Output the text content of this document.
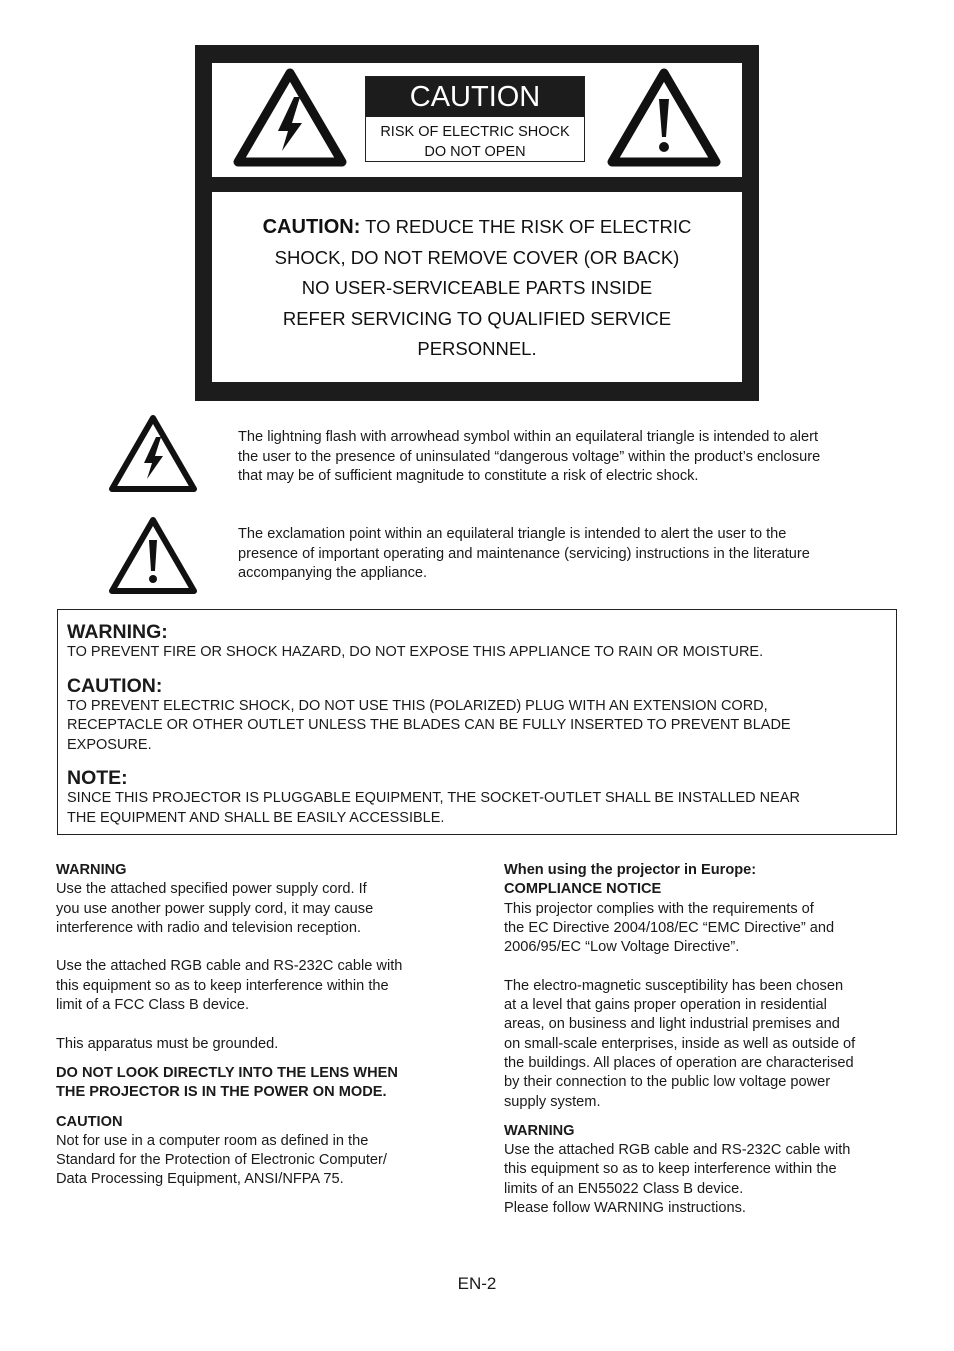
CAUTION
RISK OF ELECTRIC SHOCK
DO NOT OPEN
CAUTION: TO REDUCE THE RISK OF ELECTRIC
SHOCK, DO NOT REMOVE COVER (OR BACK)
NO USER-SERVICEABLE PARTS INSIDE
REFER SERVICING TO QUALIFIED SERVICE
PERSONNEL.
The lightning flash with arrowhead symbol within an equilateral triangle is intended to alert
the user to the presence of uninsulated “dangerous voltage” within the product’s enclosure
that may be of sufficient magnitude to constitute a risk of electric shock.
The exclamation point within an equilateral triangle is intended to alert the user to the
presence of important operating and maintenance (servicing) instructions in the literature
accompanying the appliance.
WARNING:
TO PREVENT FIRE OR SHOCK HAZARD, DO NOT EXPOSE THIS APPLIANCE TO RAIN OR MOISTURE.
CAUTION:
TO PREVENT ELECTRIC SHOCK, DO NOT USE THIS (POLARIZED) PLUG WITH AN EXTENSION CORD,
RECEPTACLE OR OTHER OUTLET UNLESS THE BLADES CAN BE FULLY INSERTED TO PREVENT BLADE
EXPOSURE.
NOTE:
SINCE THIS PROJECTOR IS PLUGGABLE EQUIPMENT, THE SOCKET-OUTLET SHALL BE INSTALLED NEAR
THE EQUIPMENT AND SHALL BE EASILY ACCESSIBLE.
WARNING
Use the attached specified power supply cord. If
you use another power supply cord, it may cause
interference with radio and television reception.
Use the attached RGB cable and RS-232C cable with
this equipment so as to keep interference within the
limit of a FCC Class B device.
This apparatus must be grounded.
DO NOT LOOK DIRECTLY INTO THE LENS WHEN
THE PROJECTOR IS IN THE POWER ON MODE.
CAUTION
Not for use in a computer room as defined in the
Standard for the Protection of Electronic Computer/
Data Processing Equipment, ANSI/NFPA 75.
When using the projector in Europe:
COMPLIANCE NOTICE
This projector complies with the requirements of
the EC Directive 2004/108/EC “EMC Directive” and
2006/95/EC “Low Voltage Directive”.
The electro-magnetic susceptibility has been chosen
at a level that gains proper operation in residential
areas, on business and light industrial premises and
on small-scale enterprises, inside as well as outside of
the buildings. All places of operation are characterised
by their connection to the public low voltage power
supply system.
WARNING
Use the attached RGB cable and RS-232C cable with
this equipment so as to keep interference within the
limits of an EN55022 Class B device.
Please follow WARNING instructions.
EN-2
